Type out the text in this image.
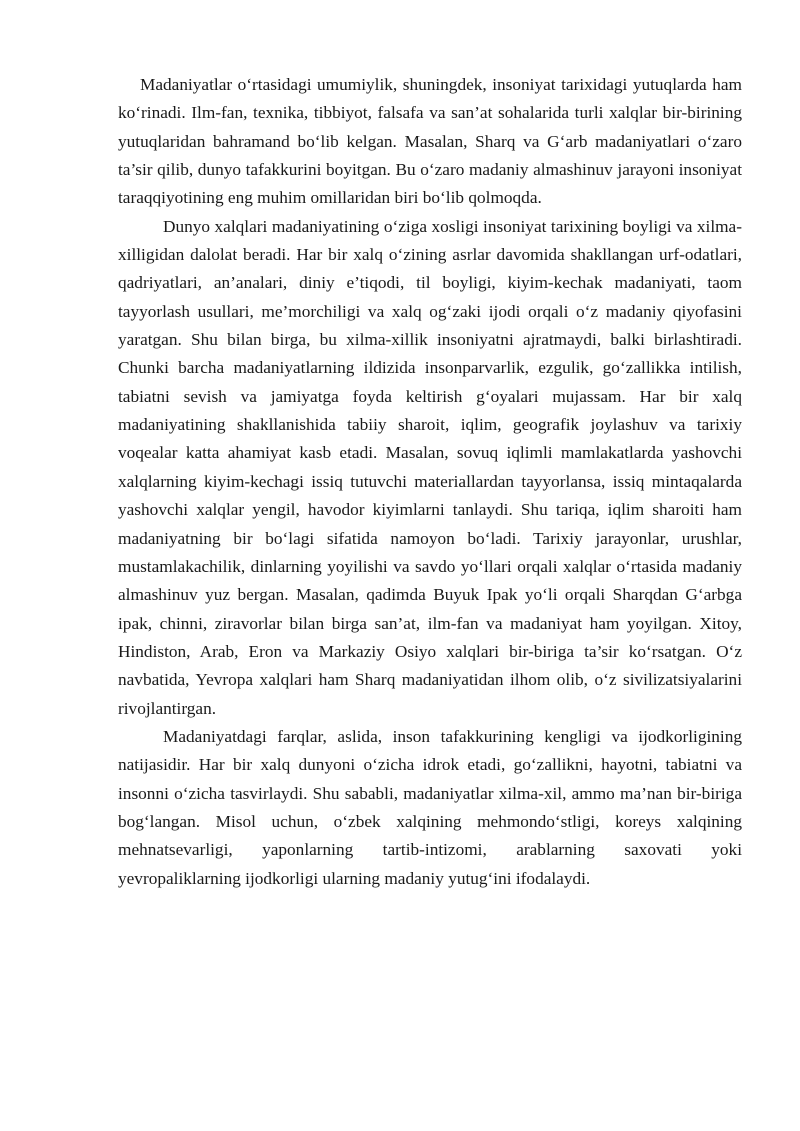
Madaniyatlar o‘rtasidagi umumiylik, shuningdek, insoniyat tarixidagi yutuqlarda ham ko‘rinadi. Ilm-fan, texnika, tibbiyot, falsafa va san’at sohalarida turli xalqlar bir-birining yutuqlaridan bahramand bo‘lib kelgan. Masalan, Sharq va G‘arb madaniyatlari o‘zaro ta’sir qilib, dunyo tafakkurini boyitgan. Bu o‘zaro madaniy almashinuv jarayoni insoniyat taraqqiyotining eng muhim omillaridan biri bo‘lib qolmoqda.

Dunyo xalqlari madaniyatining o‘ziga xosligi insoniyat tarixining boyligi va xilma-xilligidan dalolat beradi. Har bir xalq o‘zining asrlar davomida shakllangan urf-odatlari, qadriyatlari, an’analari, diniy e’tiqodi, til boyligi, kiyim-kechak madaniyati, taom tayyorlash usullari, me’morchiligi va xalq og‘zaki ijodi orqali o‘z madaniy qiyofasini yaratgan. Shu bilan birga, bu xilma-xillik insoniyatni ajratmaydi, balki birlashtiradi. Chunki barcha madaniyatlarning ildizida insonparvarlik, ezgulik, go‘zallikka intilish, tabiatni sevish va jamiyatga foyda keltirish g‘oyalari mujassam. Har bir xalq madaniyatining shakllanishida tabiiy sharoit, iqlim, geografik joylashuv va tarixiy voqealar katta ahamiyat kasb etadi. Masalan, sovuq iqlimli mamlakatlarda yashovchi xalqlarning kiyim-kechagi issiq tutuvchi materiallardan tayyorlansa, issiq mintaqalarda yashovchi xalqlar yengil, havodor kiyimlarni tanlaydi. Shu tariqa, iqlim sharoiti ham madaniyatning bir bo‘lagi sifatida namoyon bo‘ladi. Tarixiy jarayonlar, urushlar, mustamlakachilik, dinlarning yoyilishi va savdo yo‘llari orqali xalqlar o‘rtasida madaniy almashinuv yuz bergan. Masalan, qadimda Buyuk Ipak yo‘li orqali Sharqdan G‘arbga ipak, chinni, ziravorlar bilan birga san’at, ilm-fan va madaniyat ham yoyilgan. Xitoy, Hindiston, Arab, Eron va Markaziy Osiyo xalqlari bir-biriga ta’sir ko‘rsatgan. O‘z navbatida, Yevropa xalqlari ham Sharq madaniyatidan ilhom olib, o‘z sivilizatsiyalarini rivojlantirgan.

Madaniyatdagi farqlar, aslida, inson tafakkurining kengligi va ijodkorligining natijasidir. Har bir xalq dunyoni o‘zicha idrok etadi, go‘zallikni, hayotni, tabiatni va insonni o‘zicha tasvirlaydi. Shu sababli, madaniyatlar xilma-xil, ammo ma’nan bir-biriga bog‘langan. Misol uchun, o‘zbek xalqining mehmondo‘stligi, koreys xalqining mehnatsevarligi, yaponlarning tartib-intizomi, arablarning saxovati yoki yevropaliklarning ijodkorligi ularning madaniy yutug‘ini ifodalaydi.
